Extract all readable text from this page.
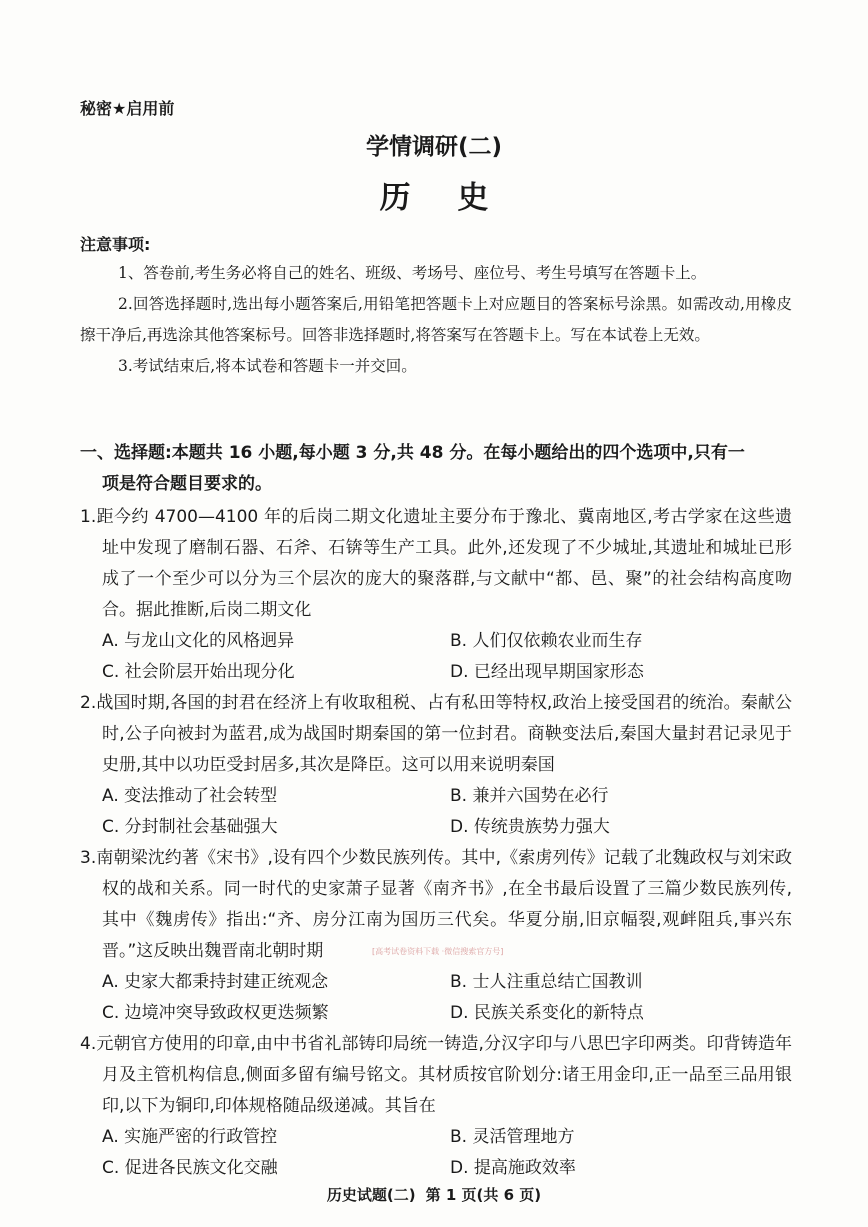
秘密★启用前
学情调研(二)
历 史
注意事项:

1、答卷前,考生务必将自己的姓名、班级、考场号、座位号、考生号填写在答题卡上。

2.回答选择题时,选出每小题答案后,用铅笔把答题卡上对应题目的答案标号涂黑。如需改动,用橡皮擦干净后,再选涂其他答案标号。回答非选择题时,将答案写在答题卡上。写在本试卷上无效。

3.考试结束后,将本试卷和答题卡一并交回。

一、选择题:本题共 16 小题,每小题 3 分,共 48 分。在每小题给出的四个选项中,只有一
项是符合题目要求的。
1.距今约 4700—4100 年的后岗二期文化遗址主要分布于豫北、冀南地区,考古学家在这些遗址中发现了磨制石器、石斧、石锛等生产工具。此外,还发现了不少城址,其遗址和城址已形成了一个至少可以分为三个层次的庞大的聚落群,与文献中“都、邑、聚”的社会结构高度吻合。据此推断,后岗二期文化
A. 与龙山文化的风格迥异	B. 人们仅依赖农业而生存
C. 社会阶层开始出现分化	D. 已经出现早期国家形态
2.战国时期,各国的封君在经济上有收取租税、占有私田等特权,政治上接受国君的统治。秦献公时,公子向被封为蓝君,成为战国时期秦国的第一位封君。商鞅变法后,秦国大量封君记录见于史册,其中以功臣受封居多,其次是降臣。这可以用来说明秦国
A. 变法推动了社会转型	B. 兼并六国势在必行
C. 分封制社会基础强大	D. 传统贵族势力强大
3.南朝梁沈约著《宋书》,设有四个少数民族列传。其中,《索虏列传》记载了北魏政权与刘宋政权的战和关系。同一时代的史家萧子显著《南齐书》,在全书最后设置了三篇少数民族列传,其中《魏虏传》指出:“齐、房分江南为国历三代矣。华夏分崩,旧京幅裂,观衅阻兵,事兴东晋。”这反映出魏晋南北朝时期
A. 史家大都秉持封建正统观念	B. 士人注重总结亡国教训
C. 边境冲突导致政权更迭频繁	D. 民族关系变化的新特点
4.元朝官方使用的印章,由中书省礼部铸印局统一铸造,分汉字印与八思巴字印两类。印背铸造年月及主管机构信息,侧面多留有编号铭文。其材质按官阶划分:诸王用金印,正一品至三品用银印,以下为铜印,印体规格随品级递减。其旨在
A. 实施严密的行政管控	B. 灵活管理地方
C. 促进各民族文化交融	D. 提高施政效率
[高考试卷资料下载 ·微信搜索官方号]
历史试题(二) 第 1 页(共 6 页)
